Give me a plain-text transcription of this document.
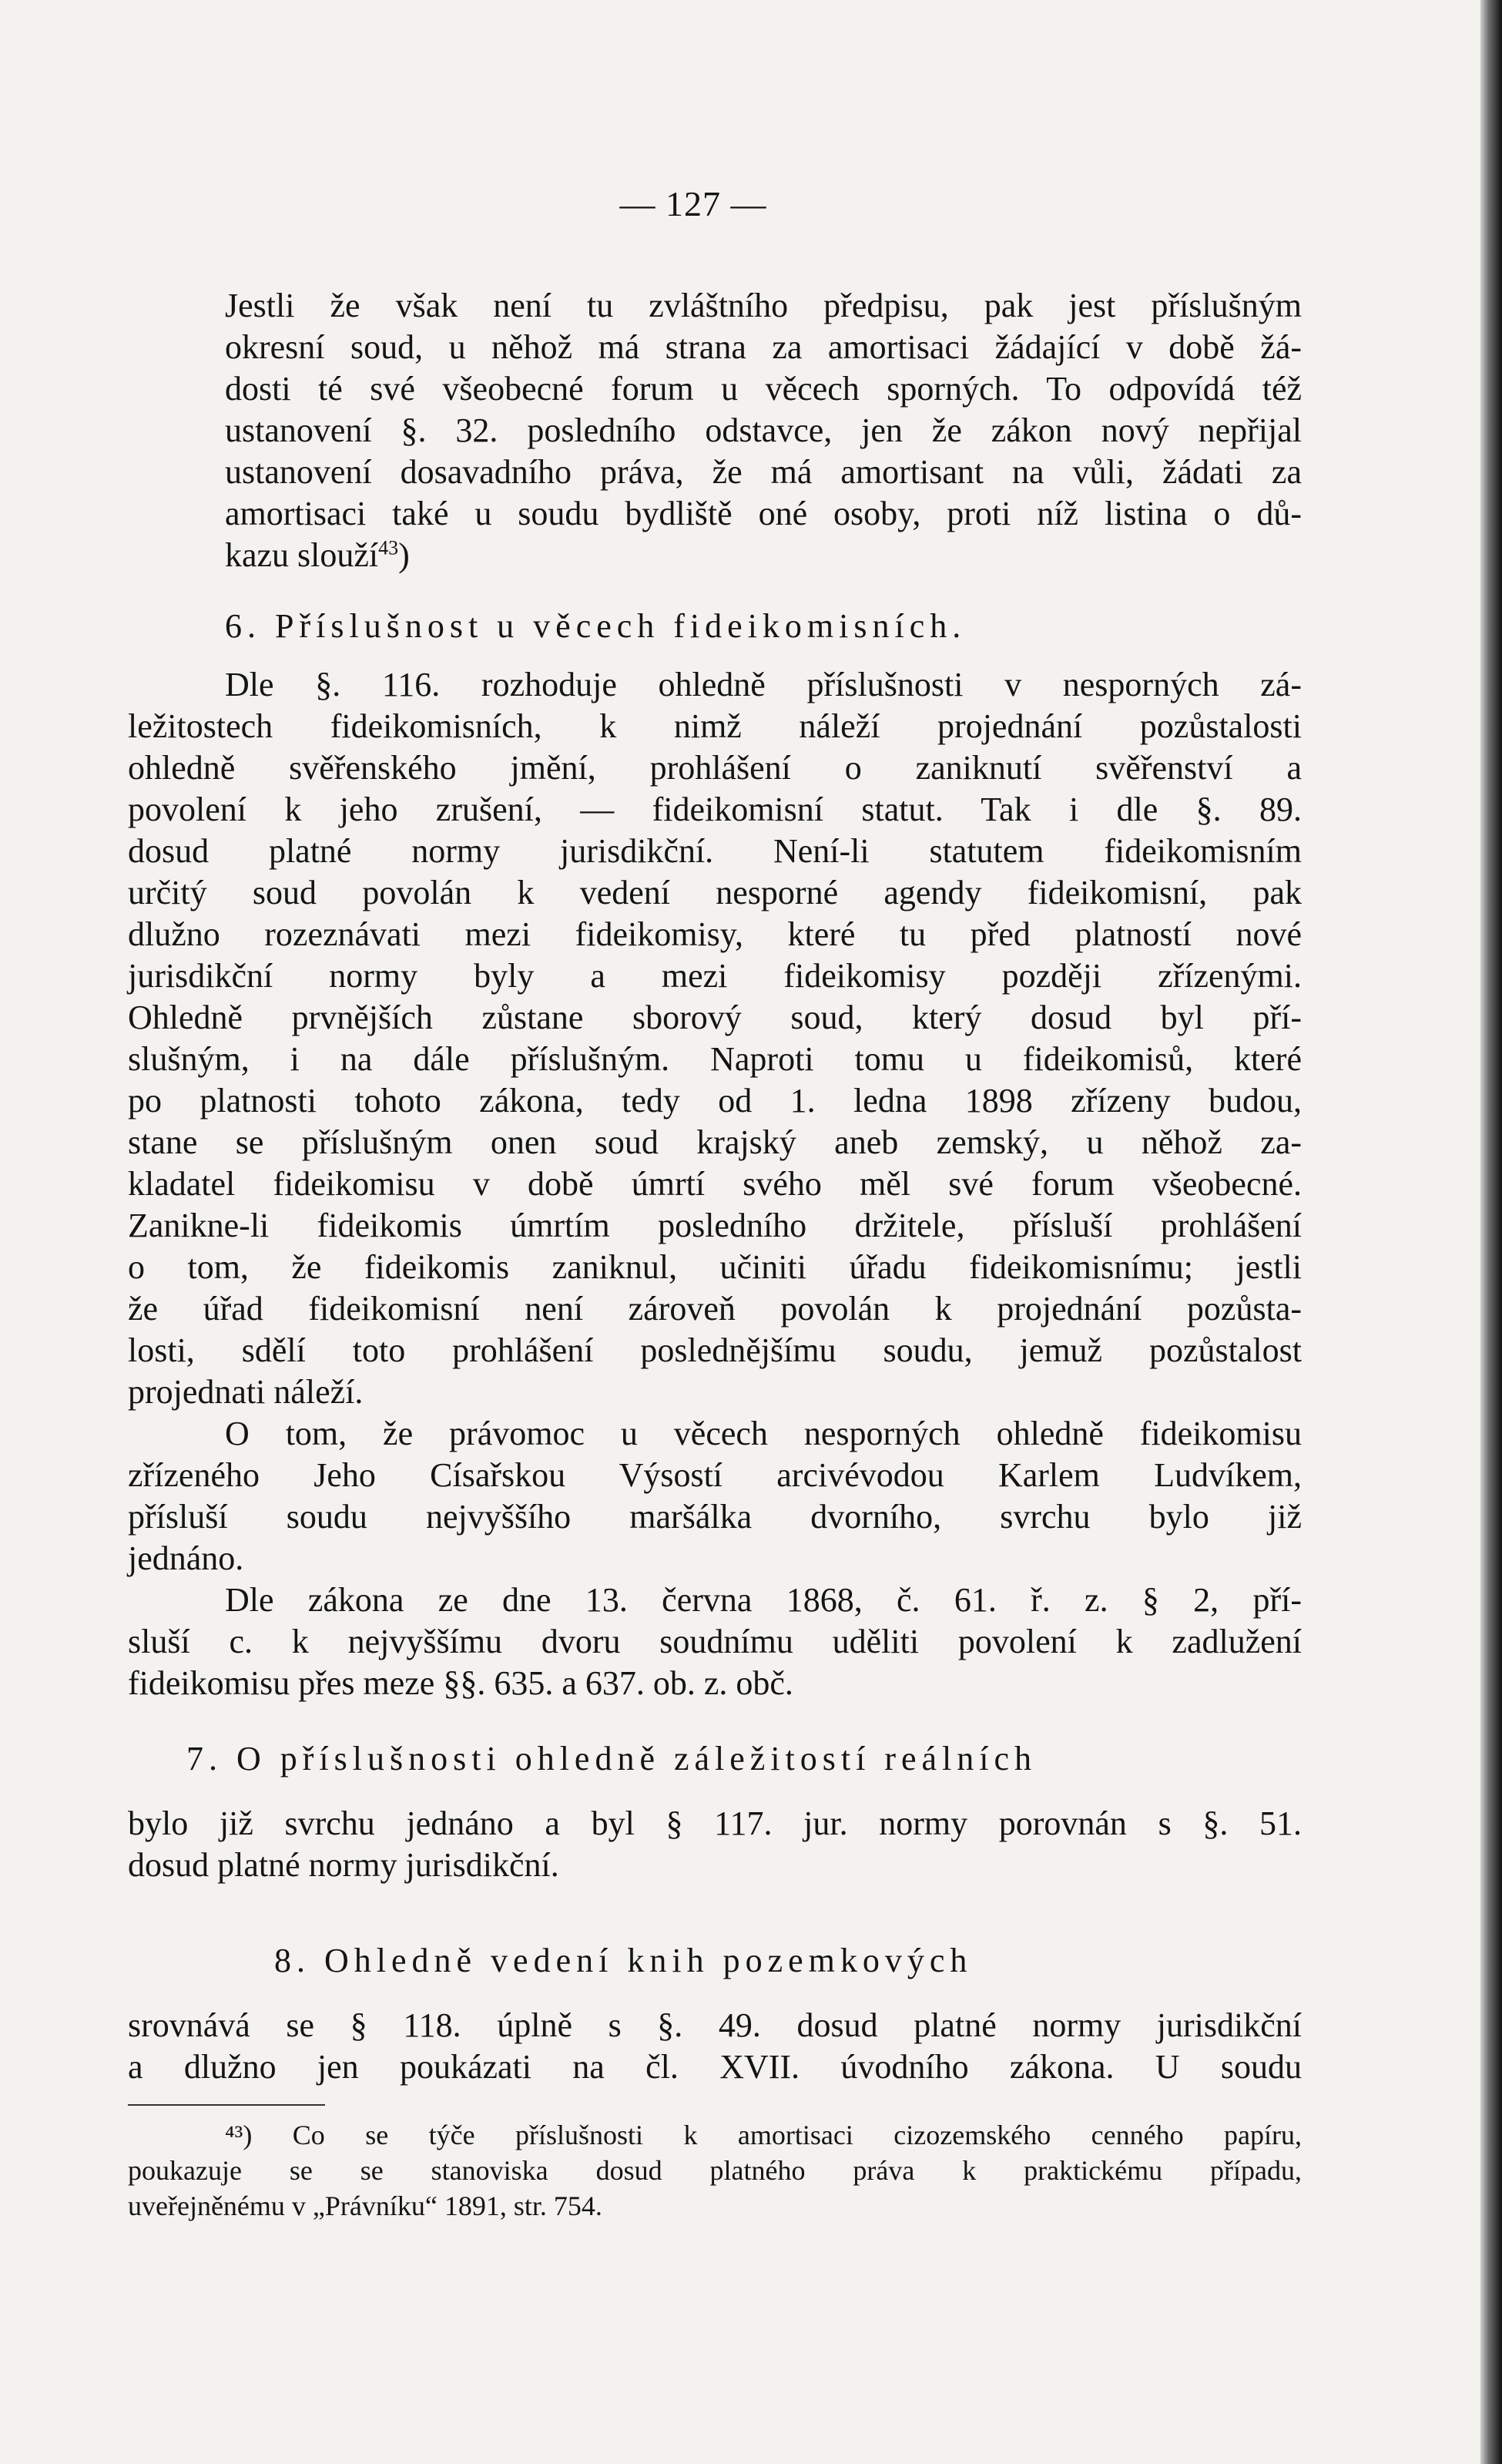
— 127 —

Jestli že však není tu zvláštního předpisu, pak jest příslušným
okresní soud, u něhož má strana za amortisaci žádající v době žá-
dosti té své všeobecné forum u věcech sporných. To odpovídá též
ustanovení §. 32. posledního odstavce, jen že zákon nový nepřijal
ustanovení dosavadního práva, že má amortisant na vůli, žádati za
amortisaci také u soudu bydliště oné osoby, proti níž listina o dů-
kazu slouží$^{43}$)

6. Příslušnost u věcech fideikomisních.

Dle §. 116. rozhoduje ohledně příslušnosti v nesporných zá-
ležitostech fideikomisních, k nimž náleží projednání pozůstalosti
ohledně svěřenského jmění, prohlášení o zaniknutí svěřenství a
povolení k jeho zrušení, — fideikomisní statut. Tak i dle §. 89.
dosud platné normy jurisdikční. Není-li statutem fideikomisním
určitý soud povolán k vedení nesporné agendy fideikomisní, pak
dlužno rozeznávati mezi fideikomisy, které tu před platností nové
jurisdikční normy byly a mezi fideikomisy později zřízenými.
Ohledně prvnějších zůstane sborový soud, který dosud byl pří-
slušným, i na dále příslušným. Naproti tomu u fideikomisů, které
po platnosti tohoto zákona, tedy od 1. ledna 1898 zřízeny budou,
stane se příslušným onen soud krajský aneb zemský, u něhož za-
kladatel fideikomisu v době úmrtí svého měl své forum všeobecné.
Zanikne-li fideikomis úmrtím posledního držitele, přísluší prohlášení
o tom, že fideikomis zaniknul, učiniti úřadu fideikomisnímu; jestli
že úřad fideikomisní není zároveň povolán k projednání pozůsta-
losti, sdělí toto prohlášení poslednějšímu soudu, jemuž pozůstalost
projednati náleží.

O tom, že právomoc u věcech nesporných ohledně fideikomisu
zřízeného Jeho Císařskou Výsostí arcivévodou Karlem Ludvíkem,
přísluší soudu nejvyššího maršálka dvorního, svrchu bylo již
jednáno.

Dle zákona ze dne 13. června 1868, č. 61. ř. z. § 2, pří-
sluší c. k nejvyššímu dvoru soudnímu uděliti povolení k zadlužení
fideikomisu přes meze §§. 635. a 637. ob. z. obč.

7. O příslušnosti ohledně záležitostí reálních

bylo již svrchu jednáno a byl § 117. jur. normy porovnán s §. 51.
dosud platné normy jurisdikční.

8. Ohledně vedení knih pozemkových

srovnává se § 118. úplně s §. 49. dosud platné normy jurisdikční
a dlužno jen poukázati na čl. XVII. úvodního zákona. U soudu

⁴³) Co se týče příslušnosti k amortisaci cizozemského cenného papíru,
poukazuje se se stanoviska dosud platného práva k praktickému případu,
uveřejněnému v „Právníku“ 1891, str. 754.
